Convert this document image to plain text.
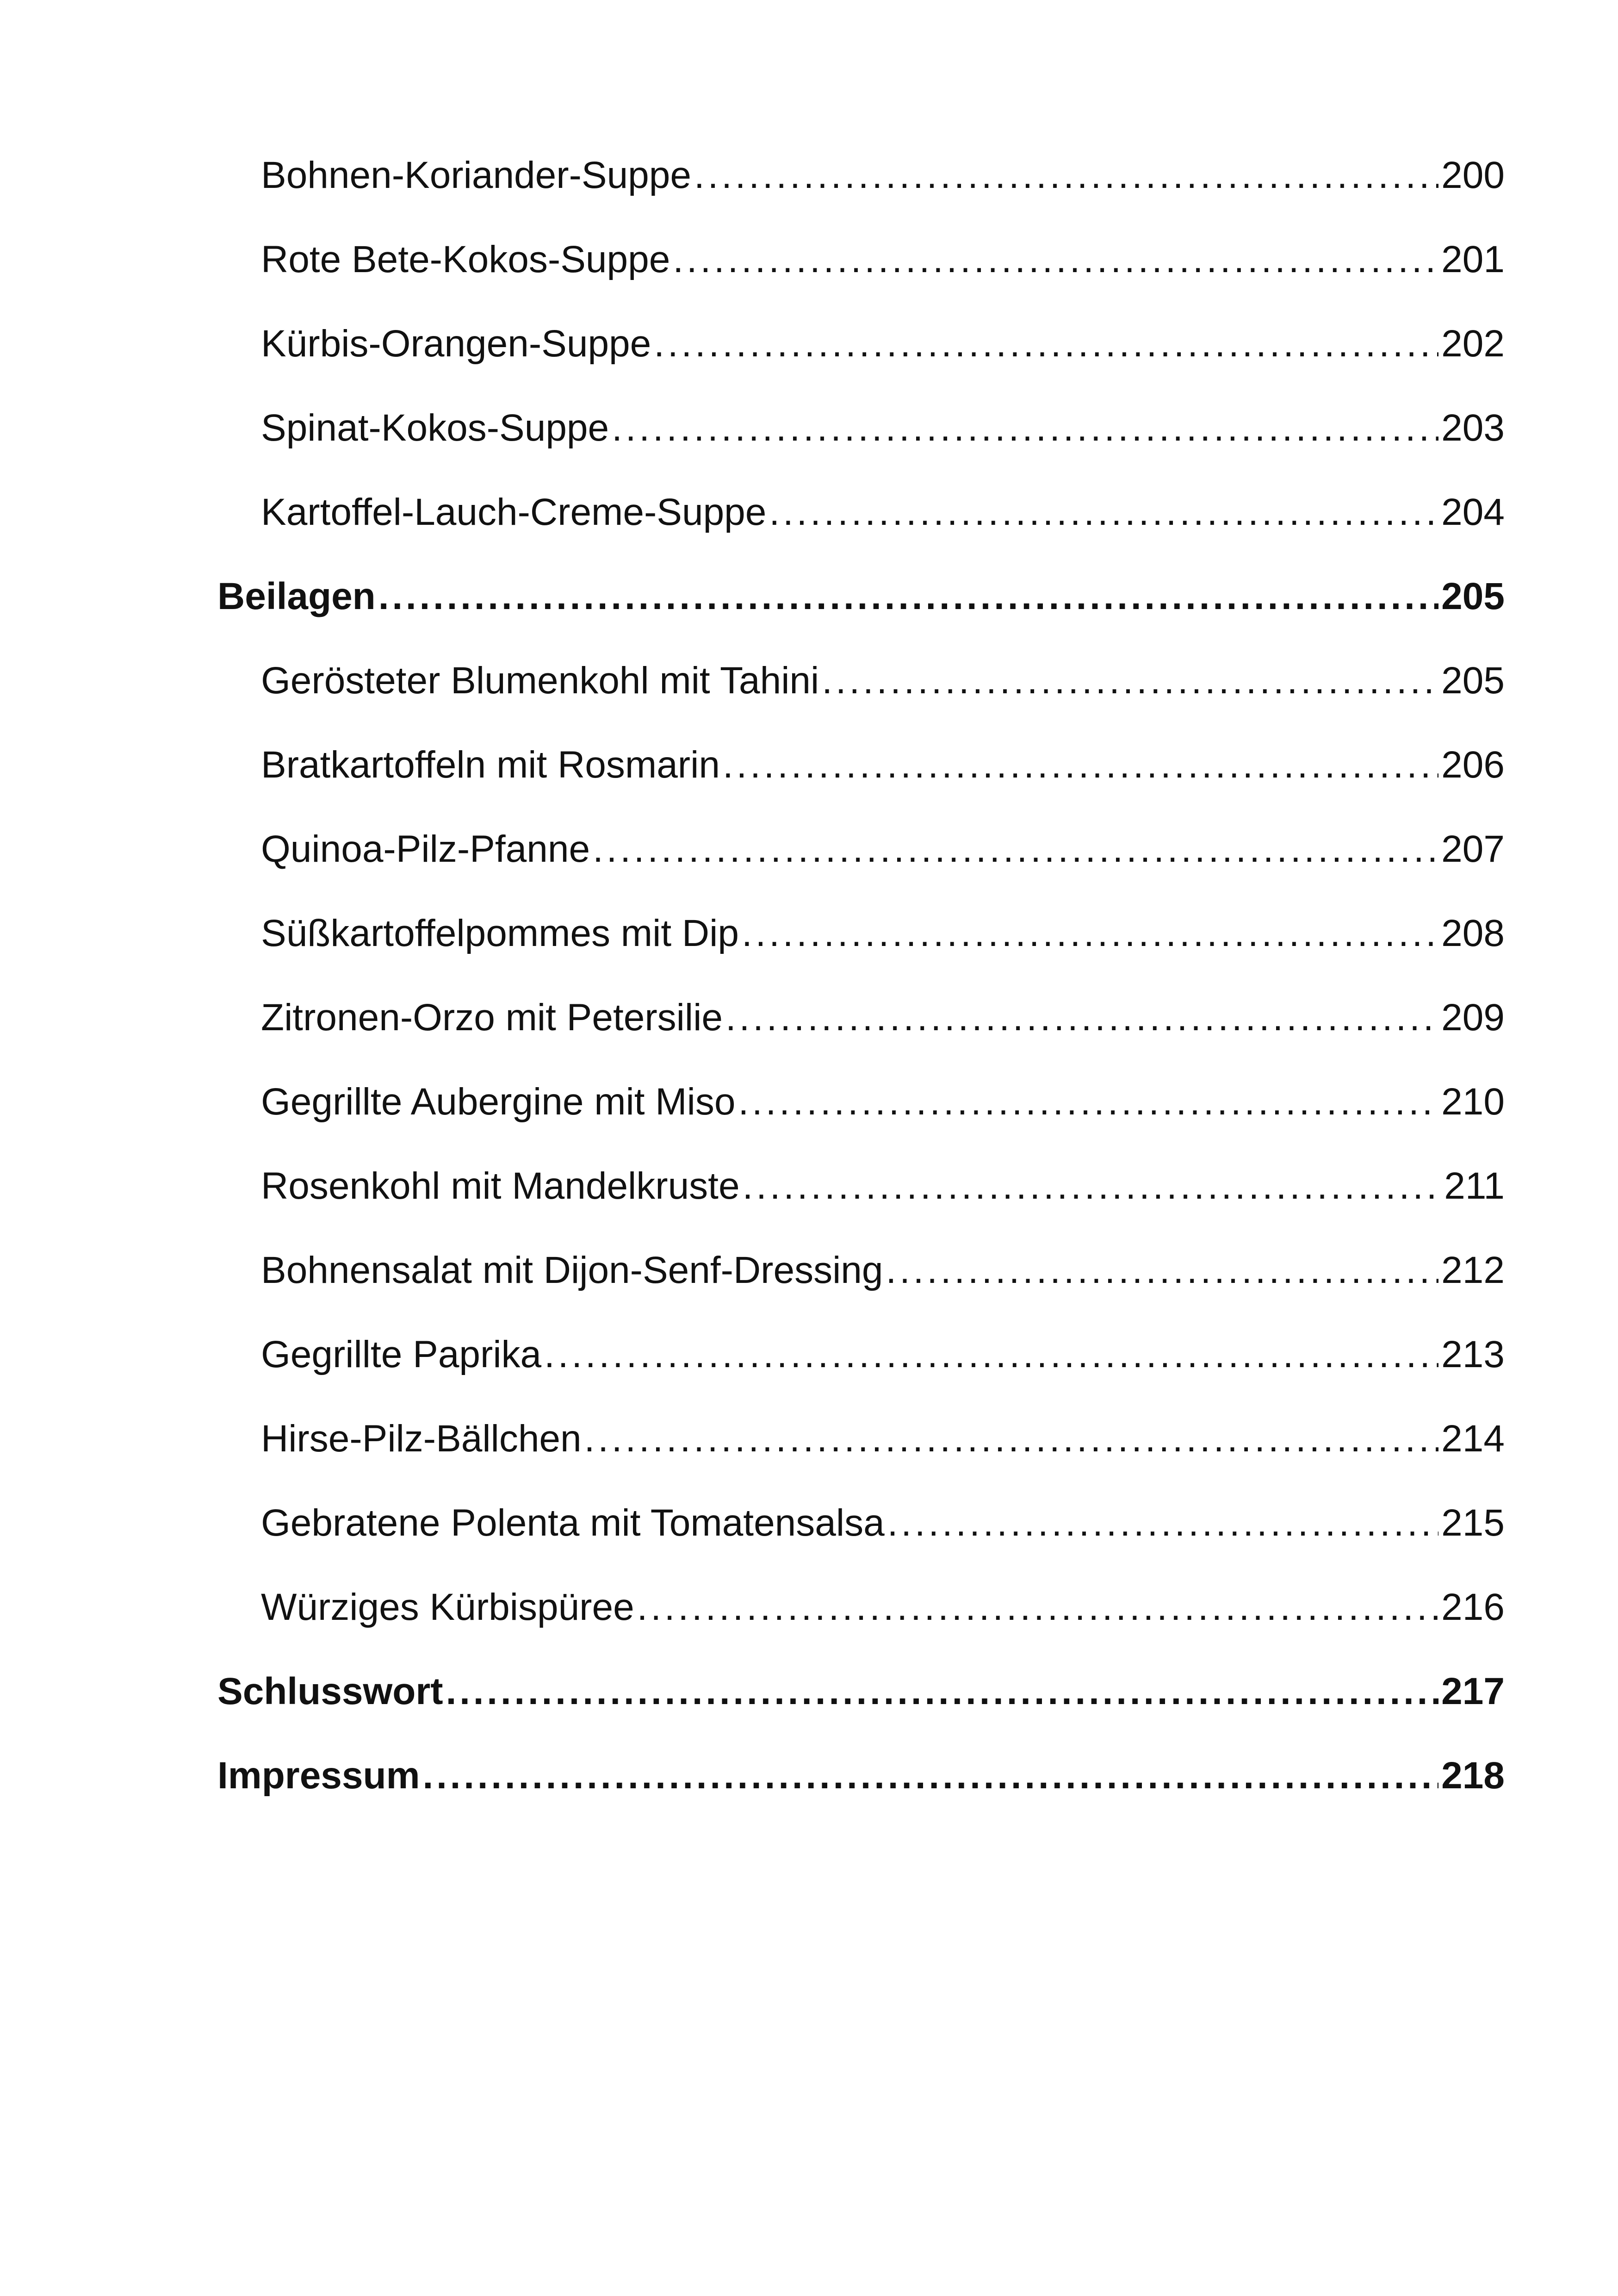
Bohnen-Koriander-Suppe . . .	200
Rote Bete-Kokos-Suppe . . .	201
Kürbis-Orangen-Suppe . . .	202
Spinat-Kokos-Suppe . . .	203
Kartoffel-Lauch-Creme-Suppe . . .	204
Beilagen . . .	205
Gerösteter Blumenkohl mit Tahini . . .	205
Bratkartoffeln mit Rosmarin . . .	206
Quinoa-Pilz-Pfanne . . .	207
Süßkartoffelpommes mit Dip . . .	208
Zitronen-Orzo mit Petersilie . . .	209
Gegrillte Aubergine mit Miso . . .	210
Rosenkohl mit Mandelkruste . . .	211
Bohnensalat mit Dijon-Senf-Dressing . . .	212
Gegrillte Paprika . . .	213
Hirse-Pilz-Bällchen . . .	214
Gebratene Polenta mit Tomatensalsa . . .	215
Würziges Kürbispüree . . .	216
Schlusswort . . .	217
Impressum . . .	218
